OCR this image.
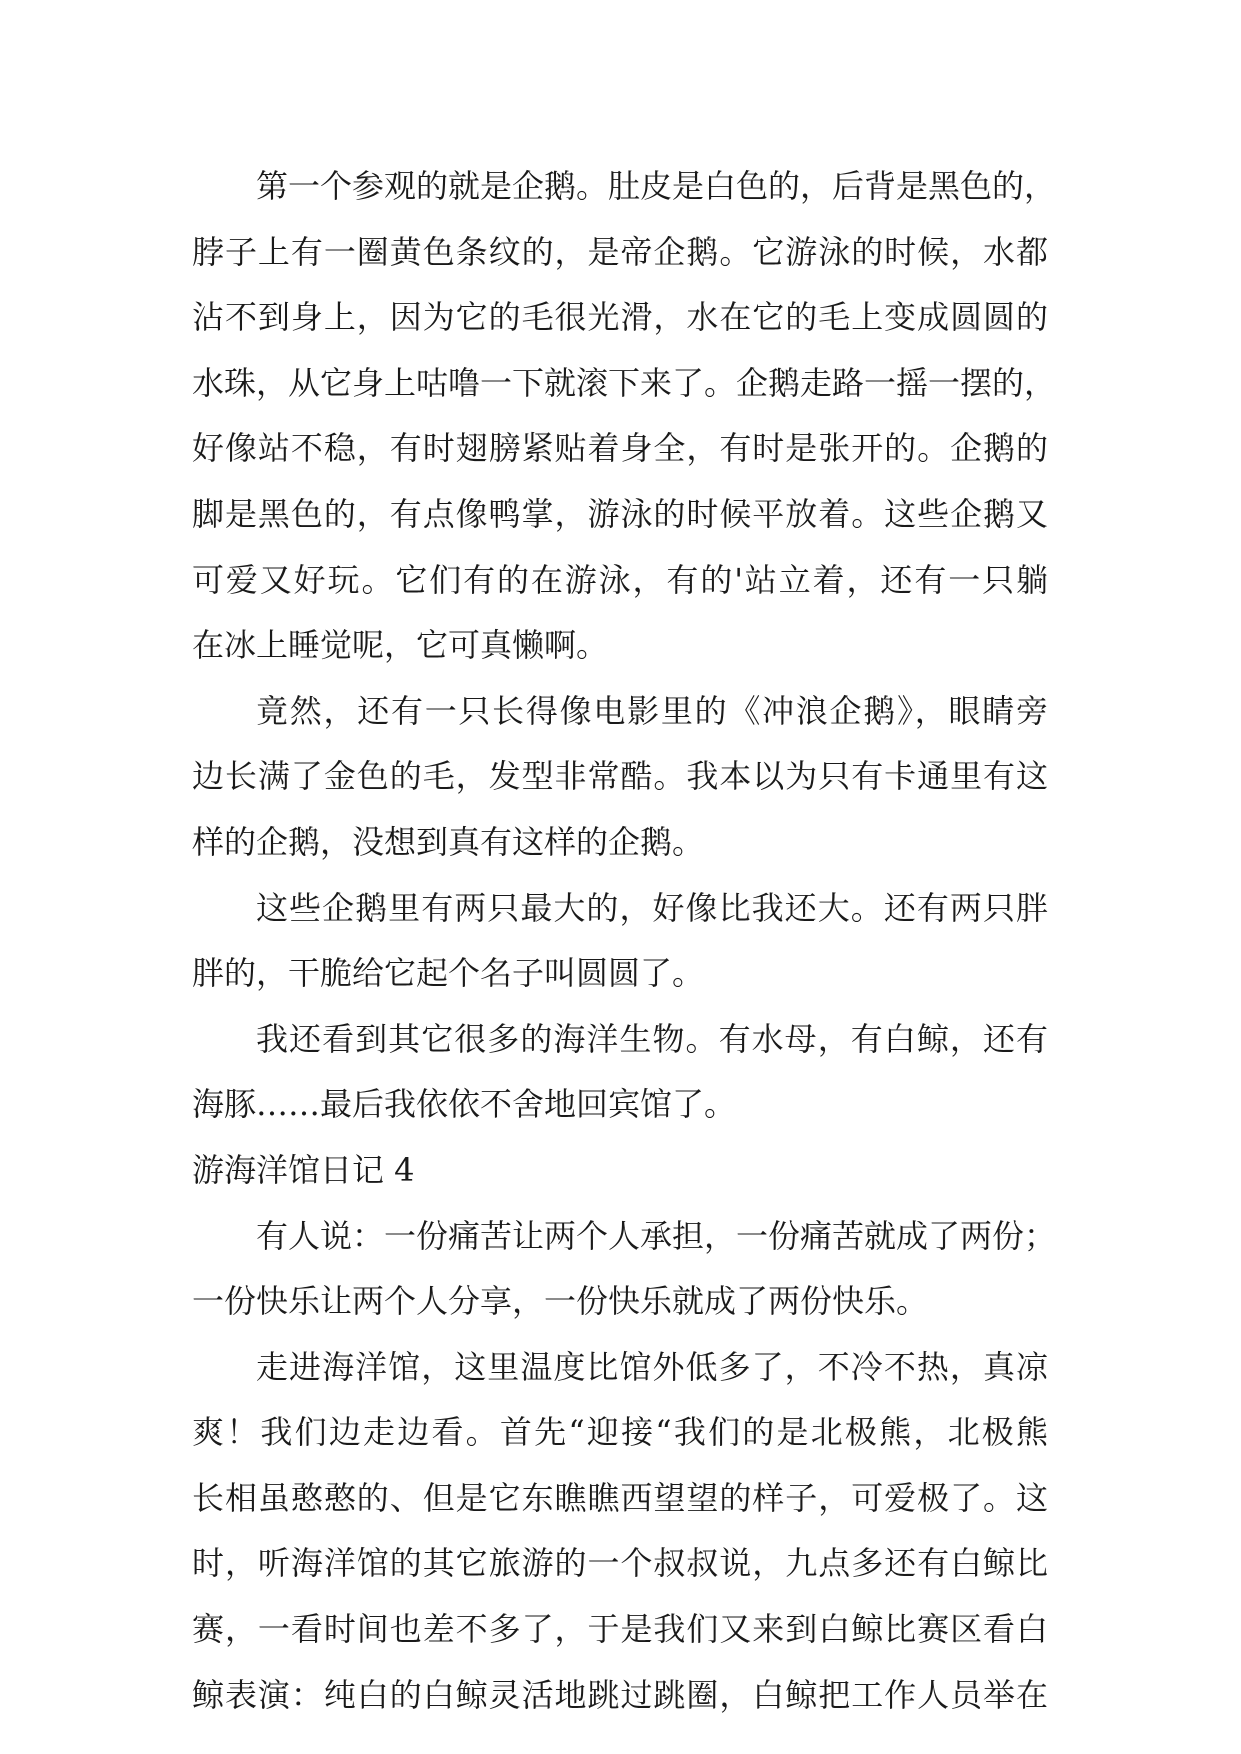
第一个参观的就是企鹅。肚皮是白色的，后背是黑色的，
脖子上有一圈黄色条纹的，是帝企鹅。它游泳的时候，水都
沾不到身上，因为它的毛很光滑，水在它的毛上变成圆圆的
水珠，从它身上咕噜一下就滚下来了。企鹅走路一摇一摆的，
好像站不稳，有时翅膀紧贴着身全，有时是张开的。企鹅的
脚是黑色的，有点像鸭掌，游泳的时候平放着。这些企鹅又
可爱又好玩。它们有的在游泳，有的'站立着，还有一只躺
在冰上睡觉呢，它可真懒啊。
竟然，还有一只长得像电影里的《冲浪企鹅》，眼睛旁
边长满了金色的毛，发型非常酷。我本以为只有卡通里有这
样的企鹅，没想到真有这样的企鹅。
这些企鹅里有两只最大的，好像比我还大。还有两只胖
胖的，干脆给它起个名子叫圆圆了。
我还看到其它很多的海洋生物。有水母，有白鲸，还有
海豚……最后我依依不舍地回宾馆了。
游海洋馆日记 4
有人说：一份痛苦让两个人承担，一份痛苦就成了两份；
一份快乐让两个人分享，一份快乐就成了两份快乐。
走进海洋馆，这里温度比馆外低多了，不冷不热，真凉
爽！我们边走边看。首先“迎接“我们的是北极熊，北极熊
长相虽憨憨的、但是它东瞧瞧西望望的样子，可爱极了。这
时，听海洋馆的其它旅游的一个叔叔说，九点多还有白鲸比
赛，一看时间也差不多了，于是我们又来到白鲸比赛区看白
鲸表演：纯白的白鲸灵活地跳过跳圈，白鲸把工作人员举在
